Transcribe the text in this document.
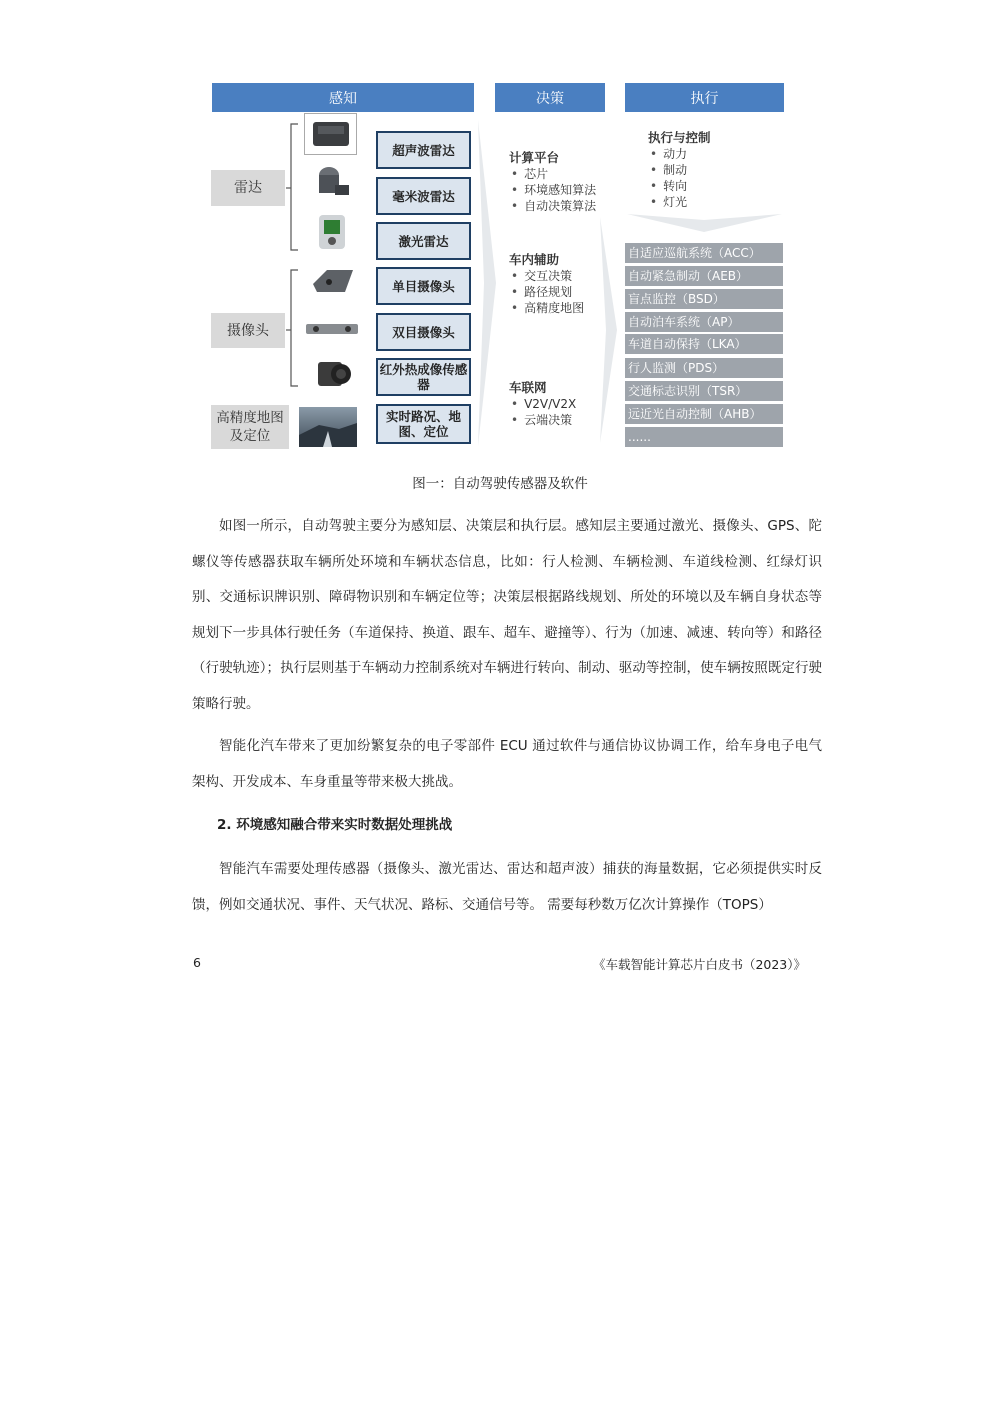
感知	决策	执行
雷达
摄像头
高精度地图及定位
超声波雷达
毫米波雷达
激光雷达
单目摄像头
双目摄像头
红外热成像传感器
实时路况、地图、定位
计算平台
• 芯片
• 环境感知算法
• 自动决策算法
车内辅助
• 交互决策
• 路径规划
• 高精度地图
车联网
• V2V/V2X
• 云端决策
执行与控制
• 动力
• 制动
• 转向
• 灯光
自适应巡航系统（ACC）
自动紧急制动（AEB）
盲点监控（BSD）
自动泊车系统（AP）
车道自动保持（LKA）
行人监测（PDS）
交通标志识别（TSR）
远近光自动控制（AHB）
......
图一：自动驾驶传感器及软件

如图一所示，自动驾驶主要分为感知层、决策层和执行层。感知层主要通过激光、摄像头、GPS、陀螺仪等传感器获取车辆所处环境和车辆状态信息，比如：行人检测、车辆检测、车道线检测、红绿灯识别、交通标识牌识别、障碍物识别和车辆定位等；决策层根据路线规划、所处的环境以及车辆自身状态等规划下一步具体行驶任务（车道保持、换道、跟车、超车、避撞等）、行为（加速、减速、转向等）和路径（行驶轨迹）；执行层则基于车辆动力控制系统对车辆进行转向、制动、驱动等控制，使车辆按照既定行驶策略行驶。

智能化汽车带来了更加纷繁复杂的电子零部件 ECU 通过软件与通信协议协调工作，给车身电子电气架构、开发成本、车身重量等带来极大挑战。

2. 环境感知融合带来实时数据处理挑战

智能汽车需要处理传感器（摄像头、激光雷达、雷达和超声波）捕获的海量数据，它必须提供实时反馈，例如交通状况、事件、天气状况、路标、交通信号等。 需要每秒数万亿次计算操作（TOPS）

6	《车载智能计算芯片白皮书（2023）》
